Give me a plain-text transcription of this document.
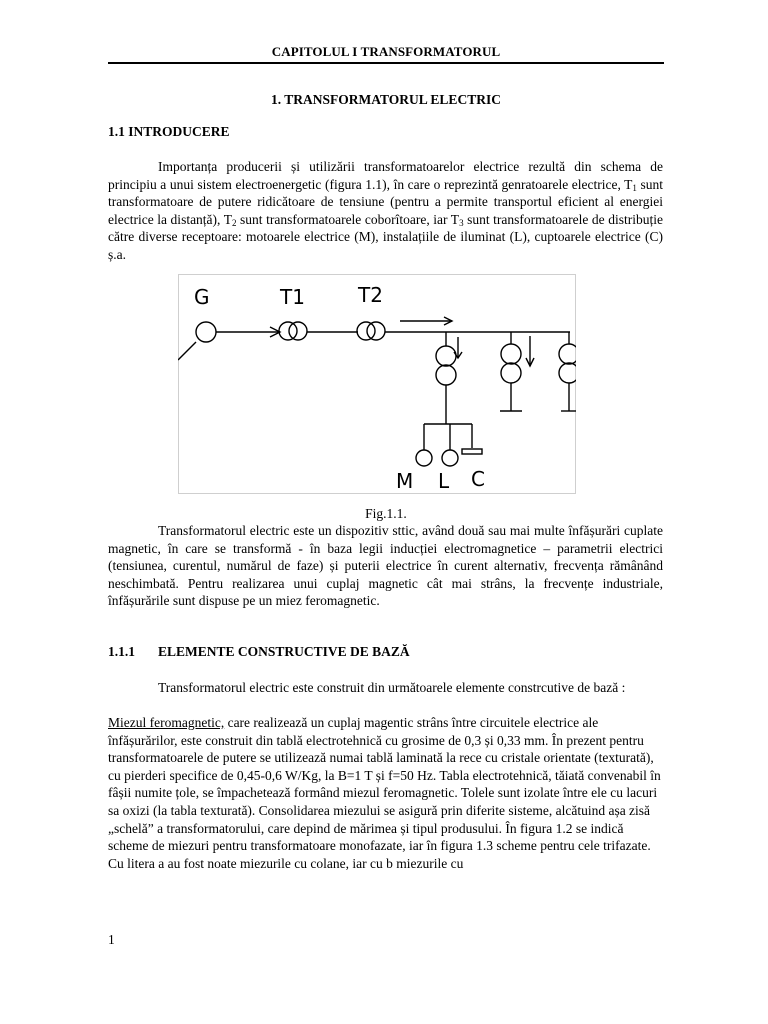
CAPITOLUL I TRANSFORMATORUL
1. TRANSFORMATORUL ELECTRIC
1.1 INTRODUCERE
Importanța producerii și utilizării transformatoarelor electrice rezultă din schema de principiu a unui sistem electroenergetic (figura 1.1), în care o reprezintă genratoarele electrice, $T_1$ sunt transformatoare de putere ridicătoare de tensiune (pentru a permite transportul eficient al energiei electrice la distanță), $T_2$ sunt transformatoarele coborîtoare, iar $T_3$ sunt transformatoarele de distribuție către diverse receptoare: motoarele electrice (M), instalațiile de iluminat (L), cuptoarele electrice (C) ș.a.
G	T1	T2
M L C
Fig.1.1.
Transformatorul electric este un dispozitiv sttic, având două sau mai multe înfășurări cuplate magnetic, în care se transformă - în baza legii inducției electromagnetice – parametrii electrici (tensiunea, curentul, numărul de faze) și puterii electrice în curent alternativ, frecvența rămânând neschimbată. Pentru realizarea unui cuplaj magnetic cât mai strâns, la frecvențe industriale, înfășurările sunt dispuse pe un miez feromagnetic.
1.1.1 ELEMENTE CONSTRUCTIVE DE BAZĂ
Transformatorul electric este construit din următoarele elemente constrcutive de bază :
Miezul feromagnetic, care realizează un cuplaj magentic strâns între circuitele electrice ale înfășurărilor, este construit din tablă electrotehnică cu grosime de 0,3 și 0,33 mm. În prezent pentru transformatoarele de putere se utilizează numai tablă laminată la rece cu cristale orientate (texturată), cu pierderi specifice de 0,45-0,6 W/Kg, la B=1 T și f=50 Hz. Tabla electrotehnică, tăiată convenabil în fâșii numite țole, se împachetează formând miezul feromagnetic. Tolele sunt izolate între ele cu lacuri sa oxizi (la tabla texturată). Consolidarea miezului se asigură prin diferite sisteme, alcătuind așa zisă „schelă” a transformatorului, care depind de mărimea și tipul produsului. În figura 1.2 se indică scheme de miezuri pentru transformatoare monofazate, iar în figura 1.3 scheme pentru cele trifazate. Cu litera a au fost noate miezurile cu colane, iar cu b miezurile cu
1
